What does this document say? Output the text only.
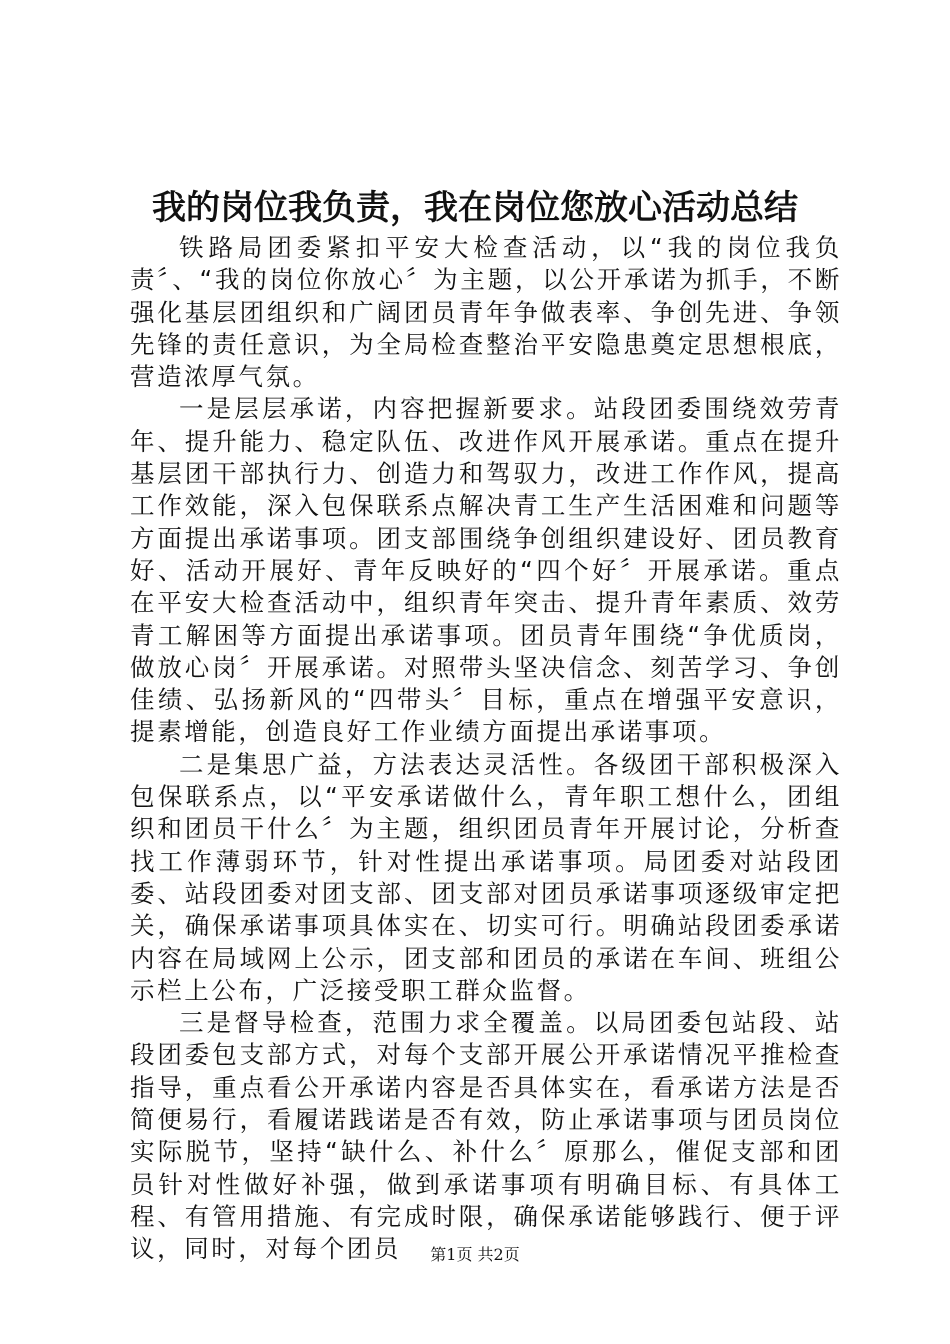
我的岗位我负责，我在岗位您放心活动总结

铁路局团委紧扣平安大检查活动，以“我的岗位我负责〞、“我的岗位你放心〞为主题，以公开承诺为抓手，不断强化基层团组织和广阔团员青年争做表率、争创先进、争领先锋的责任意识，为全局检查整治平安隐患奠定思想根底，营造浓厚气氛。

一是层层承诺，内容把握新要求。站段团委围绕效劳青年、提升能力、稳定队伍、改进作风开展承诺。重点在提升基层团干部执行力、创造力和驾驭力，改进工作作风，提高工作效能，深入包保联系点解决青工生产生活困难和问题等方面提出承诺事项。团支部围绕争创组织建设好、团员教育好、活动开展好、青年反映好的“四个好〞开展承诺。重点在平安大检查活动中，组织青年突击、提升青年素质、效劳青工解困等方面提出承诺事项。团员青年围绕“争优质岗，做放心岗〞开展承诺。对照带头坚决信念、刻苦学习、争创佳绩、弘扬新风的“四带头〞目标，重点在增强平安意识，提素增能，创造良好工作业绩方面提出承诺事项。

二是集思广益，方法表达灵活性。各级团干部积极深入包保联系点，以“平安承诺做什么，青年职工想什么，团组织和团员干什么〞为主题，组织团员青年开展讨论，分析查找工作薄弱环节，针对性提出承诺事项。局团委对站段团委、站段团委对团支部、团支部对团员承诺事项逐级审定把关，确保承诺事项具体实在、切实可行。明确站段团委承诺内容在局域网上公示，团支部和团员的承诺在车间、班组公示栏上公布，广泛接受职工群众监督。

三是督导检查，范围力求全覆盖。以局团委包站段、站段团委包支部方式，对每个支部开展公开承诺情况平推检查指导，重点看公开承诺内容是否具体实在，看承诺方法是否简便易行，看履诺践诺是否有效，防止承诺事项与团员岗位实际脱节，坚持“缺什么、补什么〞原那么，催促支部和团员针对性做好补强，做到承诺事项有明确目标、有具体工程、有管用措施、有完成时限，确保承诺能够践行、便于评议，同时，对每个团员	第1页 共2页
